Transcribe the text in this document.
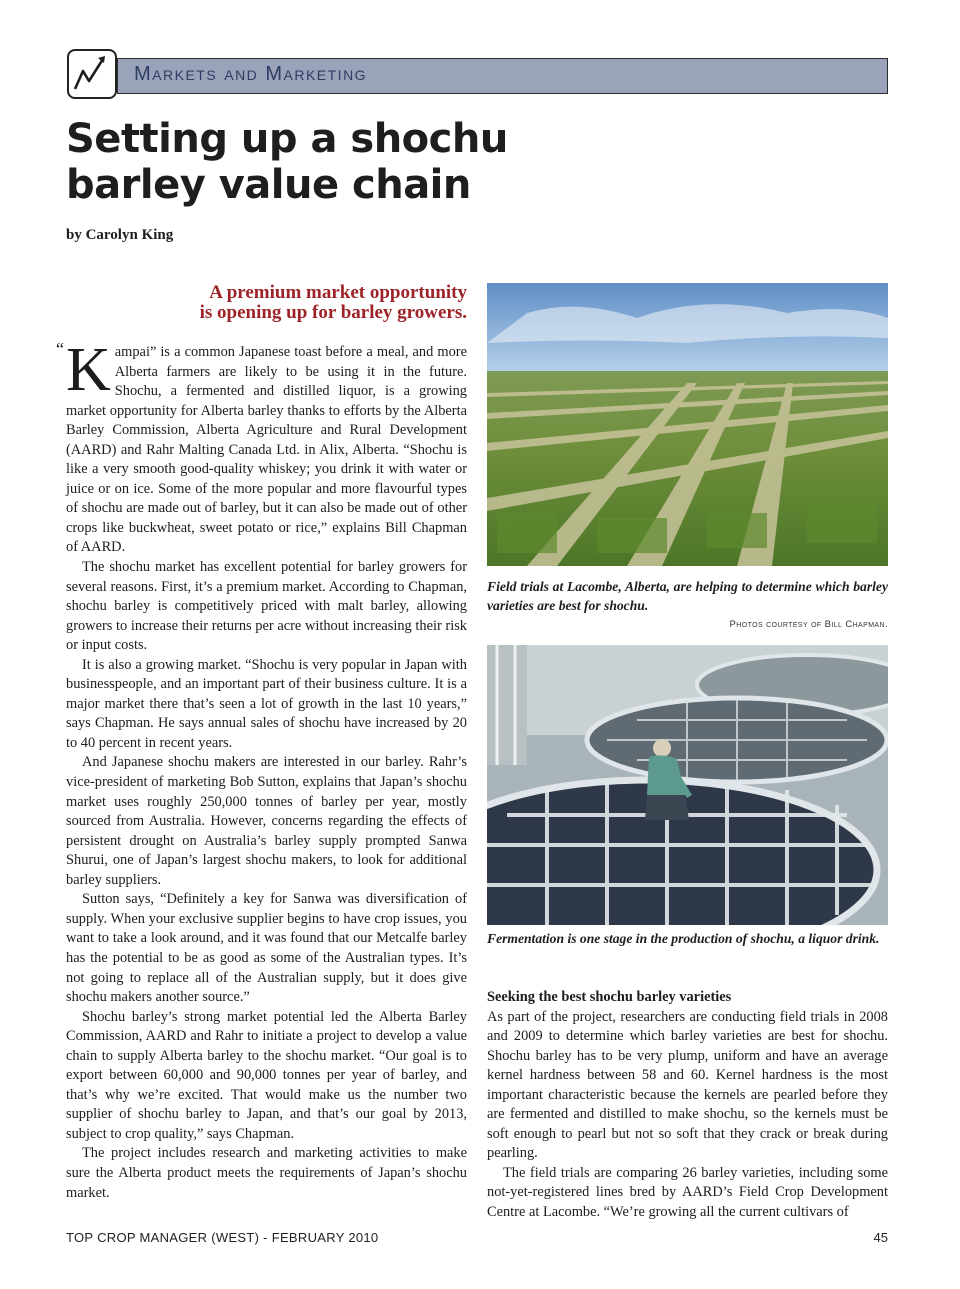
Markets and Marketing
Setting up a shochu
barley value chain
by Carolyn King
A premium market opportunity
is opening up for barley growers.

“ K ampai” is a common Japanese toast before a meal, and more Alberta farmers are likely to be using it in the future. Shochu, a fermented and distilled liquor, is a growing market opportunity for Alberta barley thanks to efforts by the Alberta Barley Commission, Alberta Agriculture and Rural Development (AARD) and Rahr Malting Canada Ltd. in Alix, Alberta. “Shochu is like a very smooth good-quality whiskey; you drink it with water or juice or on ice. Some of the more popular and more flavourful types of shochu are made out of barley, but it can also be made out of other crops like buckwheat, sweet potato or rice,” explains Bill Chapman of AARD.

The shochu market has excellent potential for barley growers for several reasons. First, it’s a premium market. According to Chapman, shochu barley is competitively priced with malt barley, allowing growers to increase their returns per acre without increasing their risk or input costs.

It is also a growing market. “Shochu is very popular in Japan with businesspeople, and an important part of their business culture. It is a major market there that’s seen a lot of growth in the last 10 years,” says Chapman. He says annual sales of shochu have increased by 20 to 40 percent in recent years.

And Japanese shochu makers are interested in our barley. Rahr’s vice-president of marketing Bob Sutton, explains that Japan’s shochu market uses roughly 250,000 tonnes of barley per year, mostly sourced from Australia. However, concerns regarding the effects of persistent drought on Australia’s barley supply prompted Sanwa Shurui, one of Japan’s largest shochu makers, to look for additional barley suppliers.

Sutton says, “Definitely a key for Sanwa was diversification of supply. When your exclusive supplier begins to have crop issues, you want to take a look around, and it was found that our Metcalfe barley has the potential to be as good as some of the Australian types. It’s not going to replace all of the Australian supply, but it does give shochu makers another source.”

Shochu barley’s strong market potential led the Alberta Barley Commission, AARD and Rahr to initiate a project to develop a value chain to supply Alberta barley to the shochu market. “Our goal is to export between 60,000 and 90,000 tonnes per year of barley, and that’s why we’re excited. That would make us the number two supplier of shochu barley to Japan, and that’s our goal by 2013, subject to crop quality,” says Chapman.

The project includes research and marketing activities to make sure the Alberta product meets the requirements of Japan’s shochu market.

Field trials at Lacombe, Alberta, are helping to determine which barley varieties are best for shochu.
Photos courtesy of Bill Chapman.
Fermentation is one stage in the production of shochu, a liquor drink.

Seeking the best shochu barley varieties

As part of the project, researchers are conducting field trials in 2008 and 2009 to determine which barley varieties are best for shochu. Shochu barley has to be very plump, uniform and have an average kernel hardness between 58 and 60. Kernel hardness is the most important characteristic because the kernels are pearled before they are fermented and distilled to make shochu, so the kernels must be soft enough to pearl but not so soft that they crack or break during pearling.

The field trials are comparing 26 barley varieties, including some not-yet-registered lines bred by AARD’s Field Crop Development Centre at Lacombe. “We’re growing all the current cultivars of

TOP CROP MANAGER (WEST) - FEBRUARY 2010	45
